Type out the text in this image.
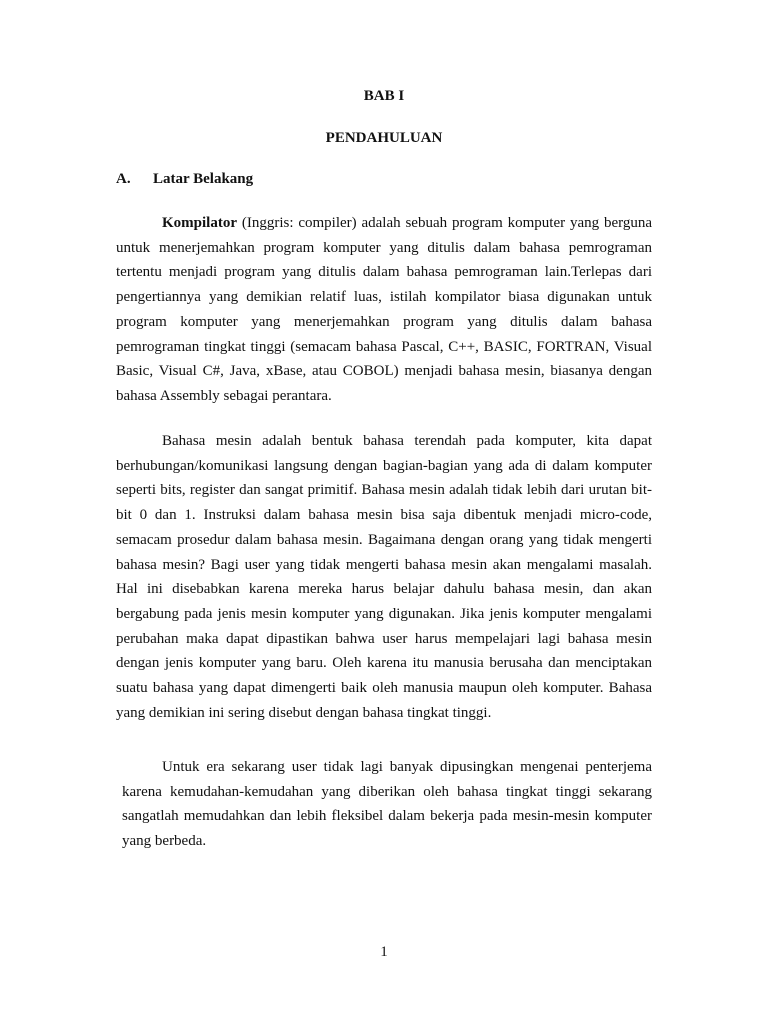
BAB I

PENDAHULUAN

A. Latar Belakang

Kompilator (Inggris: compiler) adalah sebuah program komputer yang berguna untuk menerjemahkan program komputer yang ditulis dalam bahasa pemrograman tertentu menjadi program yang ditulis dalam bahasa pemrograman lain.Terlepas dari pengertiannya yang demikian relatif luas, istilah kompilator biasa digunakan untuk program komputer yang menerjemahkan program yang ditulis dalam bahasa pemrograman tingkat tinggi (semacam bahasa Pascal, C++, BASIC, FORTRAN, Visual Basic, Visual C#, Java, xBase, atau COBOL) menjadi bahasa mesin, biasanya dengan bahasa Assembly sebagai perantara.

Bahasa mesin adalah bentuk bahasa terendah pada komputer, kita dapat berhubungan/komunikasi langsung dengan bagian-bagian yang ada di dalam komputer seperti bits, register dan sangat primitif. Bahasa mesin adalah tidak lebih dari urutan bit-bit 0 dan 1. Instruksi dalam bahasa mesin bisa saja dibentuk menjadi micro-code, semacam prosedur dalam bahasa mesin. Bagaimana dengan orang yang tidak mengerti bahasa mesin? Bagi user yang tidak mengerti bahasa mesin akan mengalami masalah. Hal ini disebabkan karena mereka harus belajar dahulu bahasa mesin, dan akan bergabung pada jenis mesin komputer yang digunakan. Jika jenis komputer mengalami perubahan maka dapat dipastikan bahwa user harus mempelajari lagi bahasa mesin dengan jenis komputer yang baru. Oleh karena itu manusia berusaha dan menciptakan suatu bahasa yang dapat dimengerti baik oleh manusia maupun oleh komputer. Bahasa yang demikian ini sering disebut dengan bahasa tingkat tinggi.

Untuk era sekarang user tidak lagi banyak dipusingkan mengenai penterjema karena kemudahan-kemudahan yang diberikan oleh bahasa tingkat tinggi sekarang sangatlah memudahkan dan lebih fleksibel dalam bekerja pada mesin-mesin komputer yang berbeda.

1
